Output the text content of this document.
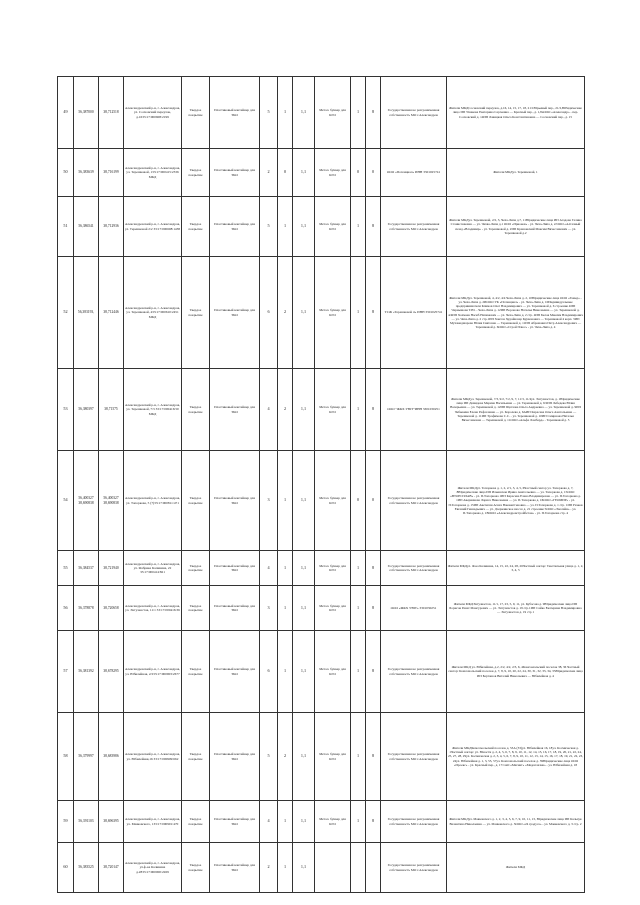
49	56,387000	38,712518	Александровский р-н, г. Александров, ул. Сосновский переулок, д.1633:17:000608:2199	Твердое покрытие	Пластиковый контейнер для ТКО	5	1	1,1	Метал. бункер для КГО	1	8	Государственная не разграниченная собственность МО г.Александров	Жители МКДСосновский переулок, д.16, 14, 15, 17, 18, 21/1Юрьевый пер., 21/2,ЮРидические лицо ИП Ушакова Екатерина Сергеевна — Красный пер., д. 1,8аООО «Александр» - пер. Сосновский д. 14ИП Лавицкая Ольга Константиновна — Сосновский пер., д. 15
50	56,383639	38,716199	Александровский р-н, г. Александров, ул. Терешковой, 133:17:000415:2336 МКД	Твердое покрытие	Пластиковый контейнер для ТКО	2	0	1,1	Метал. бункер для КГО	0	0	ООО «Потенциал» ИНН 3301025741	Жители МКДул. Терешковой, 1
51	56,386541	38,712936	Александровский р-н, г. Александров, ул. Терешковой 2/2 33:17:000608:1438	Твердое покрытие	Пластиковый контейнер для ТКО	5	1	1,1	Метал. бункер для КГО	1	8	Государственная не разграниченная собственность МО г.Александров	Жители МКДул. Терешковой, 2/2, 3, Чеха-Липа д.7, 11Юридические лица ИП Агадова Галина Станиславовна — ул. Чехва-Липа д.1 ООО «Приоков» - ул. Чеха-Липа д. 2/ООО «Алтачный склад «Владимир» - ул. Терешковой д. 2ИП Крашовский Максим Вячеславович — ул. Терешковой д.2
52	56,383193,	38,712446	Александровский р-н, г. Александров, ул. Терешковой, 433:17:000610:2451 МКД	Твердое покрытие	Пластиковый контейнер для ТКО	6	2	1,1	Метал. бункер для КГО	1	8	ТСЖ «Терешковой 4» ИНН 3301025741	Жители МКДул. Терешковой, 4, 4/2, 4/4 Чеха-Липа д. 2, 10Юридические лица ООО «Гамед» - ул. Чеха-Липа д. 2ИООО УК «Потенциал» - ул. Чеха-Липа д. 10Индивидуальные предприниматели Климов Олег Владимирович — ул. Терешковой д. 6 строение 4ИП Чернышова Т.Ю. - Чеха-Липа д. 12ИП Воронова Наталья Николаевна — ул. Терешковой д. 4/4ИП Хохмаев Насиб Нахимович — ул. Чеха-Липа д. 2 стр. 4ИП Белов Максим Владимирович — ул. Чеха-Липа д. 2 стр.1ИП Хантов Худойназар Курвонович — Терешковой 4 корп. 3ИП Мухамедшарова Юлия Святовна — Терешковой д. 11ИП Абрамович Петр Александрович — Терешковой д. 6ООО «Строй Плюс» - ул. Чеха-Липа д. 4
53	56,380397	38,71575	Александровский р-н, г. Александров, ул. Терешковой, 7/3 33:17:000416:50 МКД	Твердое покрытие	Пластиковый контейнер для ТКО	4	2	1,1	Метал. бункер для КГО	1	8	ООО "ЖКХ УЮТ"ИНН 3301030251	Жители МКДул. Терешковой, 7/3, 9/2, 7/2, 9, 7, 11/3, 11/4ул. Энтузиастов, д. 1Юридические лица ИП Демидова Марина Васильевна — ул. Терешковой д. 9/2ИП Лебедева Юлия Валерьевна — ул. Терешковой д. 12ИП Щеглова Ольга Андреевна — ул. Терешковой д. 9ИП Чебыкина Елена Рафаэлевна — ул. Королева д. 6АИП Карасева Ольга Анатольевна — Терешковой д. 11ИП Трофимова С.С. - ул. Терешковой д. 10ИП Смирнова Наталья Вячеславовна — Терешковой д. 11ООО «Альфа Ломбард» - Терешковой д. 5
54	56,400327 38,690838	56,400327 38,690838	Александровский р-н, г. Александров, ул. Топоркова, 5 (7)33:17:000811:471	Твердое покрытие	Пластиковый контейнер для ТКО	3	1	1,1	Метал. бункер для КГО	0	0	Государственная не разграниченная собственность МО г.Александров	Жители МКДул. Топоркова д. 1, 2, 2/1, 3, 4, 5, 6Частный сектор ул. Топоркова д. 7, 8Юридические лица ИП Ильинская Ирина Анатольевна — ул. Топоркова д. 15ООО «ВТОРСПЛАВ» - ул. П.Топоркова 1ИП Карасева Елена Владимировна — ул. П.Топоркова д. 1ИП Авериянова Лариса Николаевна — ул. П.Топоркова д. 1БООО «ГЕОМИР» - ул. П.Топоркова д. 15ИП Аветисян Аснах Вакаметгеновна — ул. П.Топоркова д. 1 стр. 1ИП Рачков Евгений Геннадьевич — ул. Дзержинское шоссе д. 21 строение 5ООО «Эволайн» - ул. П.Топоркова д. 1ВООО «Александровстройбетон» - ул. П.Топоркова стр. 4
55	56,384537	38,721940	Александровский р-н, г. Александров, ул. Фабрика Калинина, 22 33:17:000414:821	Твердое покрытие	Пластиковый контейнер для ТКО	4	1	1,1	Метал. бункер для КГО	1	8	Государственная не разграниченная собственность МО г.Александров	Жители МКДул. Ф-ка Калинина, 14, 15, 22, 24, 28, 26Частный сектор: Текстильная улица д. 1, 2, 3, 4, 5
56	56,378878	38,720658	Александровский р-н, г. Александров, ул. Энтузиастов, 11/1 33:17:000416:36	Твердое покрытие	Пластиковый контейнер для ТКО	3	1	1,1	Метал. бункер для КГО	1	8	ООО «ЖКХ УЮТ» 3301030251	Жители МКДЭнтузиастов, 11/1, 17, 23, 5, 9, 11, ул. Кубасова д. 9Юридические лица ИП Борисов Ренат Мансурович — ул. Энтузиастов д. 19 стр.1ИП Сайко Екатерина Владимировна — Энтузиастов д. 19 стр 1
57	56,381392	38,678295	Александровский р-н, г. Александров, ул. Юбилейная, 2/233:17:000903:2677	Твердое покрытие	Пластиковый контейнер для ТКО	6	1	1,1	Метал. бункер для КГО	1	8	Государственная не разграниченная собственность МО г.Александров	Жители МКД ул. Юбилейная, д.2, 2/2, 4/2, 2/3, 6, 4Комсомольский поселок 38, 36 Частный сектор: Комсомольский поселок д. 7, 8, 9, 10, 20, 22, 24, 30, 31, 32, 33, 34, 35Юридические лица ИП Барташов Виталий Николаевич — Юбилейная д. 4
58	56,379997	38,683986	Александровский р-н, г. Александров, ул. Юбилейная,16 33:17:000909:662	Твердое покрытие	Пластиковый контейнер для ТКО	5	2	1,1	Метал. бункер для КГО	1	8	Государственная не разграниченная собственность МО г.Александров	Жители МКДКомсомольский поселок д. 53А (33)ул. Юбилейная 16, 18ул. Космическая д. 1Частный сектор: ул. Юности д. 2, 4, 5, 6, 7, 8, 9, 10, 11, 12, 14, 15, 16, 17, 18, 19, 20, 21, 22, 24, 25, 27, 28, 29ул. Космическая д. 2, 3, 4, 5, 6, 7, 8, 9, 10, 11, 12, 13, 14, 15, 16, 17, 18, 19, 21, 22, 23, 24ул. Юбилейная д. 1, 3, 55, 57ул. Комсомольский поселок д. 39Юридические лица ООО «Проекс» - ул. Красный пер., д. 17/1АО «Магнит» «Медоплазма» - ул. Юбилейная д. 18
59	56,391103	38,696395	Александровский р-н, г. Александров, ул. Маяковского, 133:17:000901:470	Твердое покрытие	Пластиковый контейнер для ТКО	4	1	1,1	Метал. бункер для КГО	1	8	Государственная не разграниченная собственность МО г.Александров	Жители МКДул. Маяковского д. 1, 2, 3, 4, 5, 6, 7, 9, 10, 11, 13, Юридические лица ИП Кальчук Валентина Николаевна — ул. Маяковского д. 3ООО «24 градуса» - ул. Маяковского д. 3 стр. 2
60	56,383525	38,720147	Александровский р-н, г. Александров, ул.ф-ка Калинина д.2833:17:000000:2269	Твердое покрытие	Пластиковый контейнер для ТКО	2	1	1,1				Государственная не разграниченная собственность МО г.Александров	Жители МКД
